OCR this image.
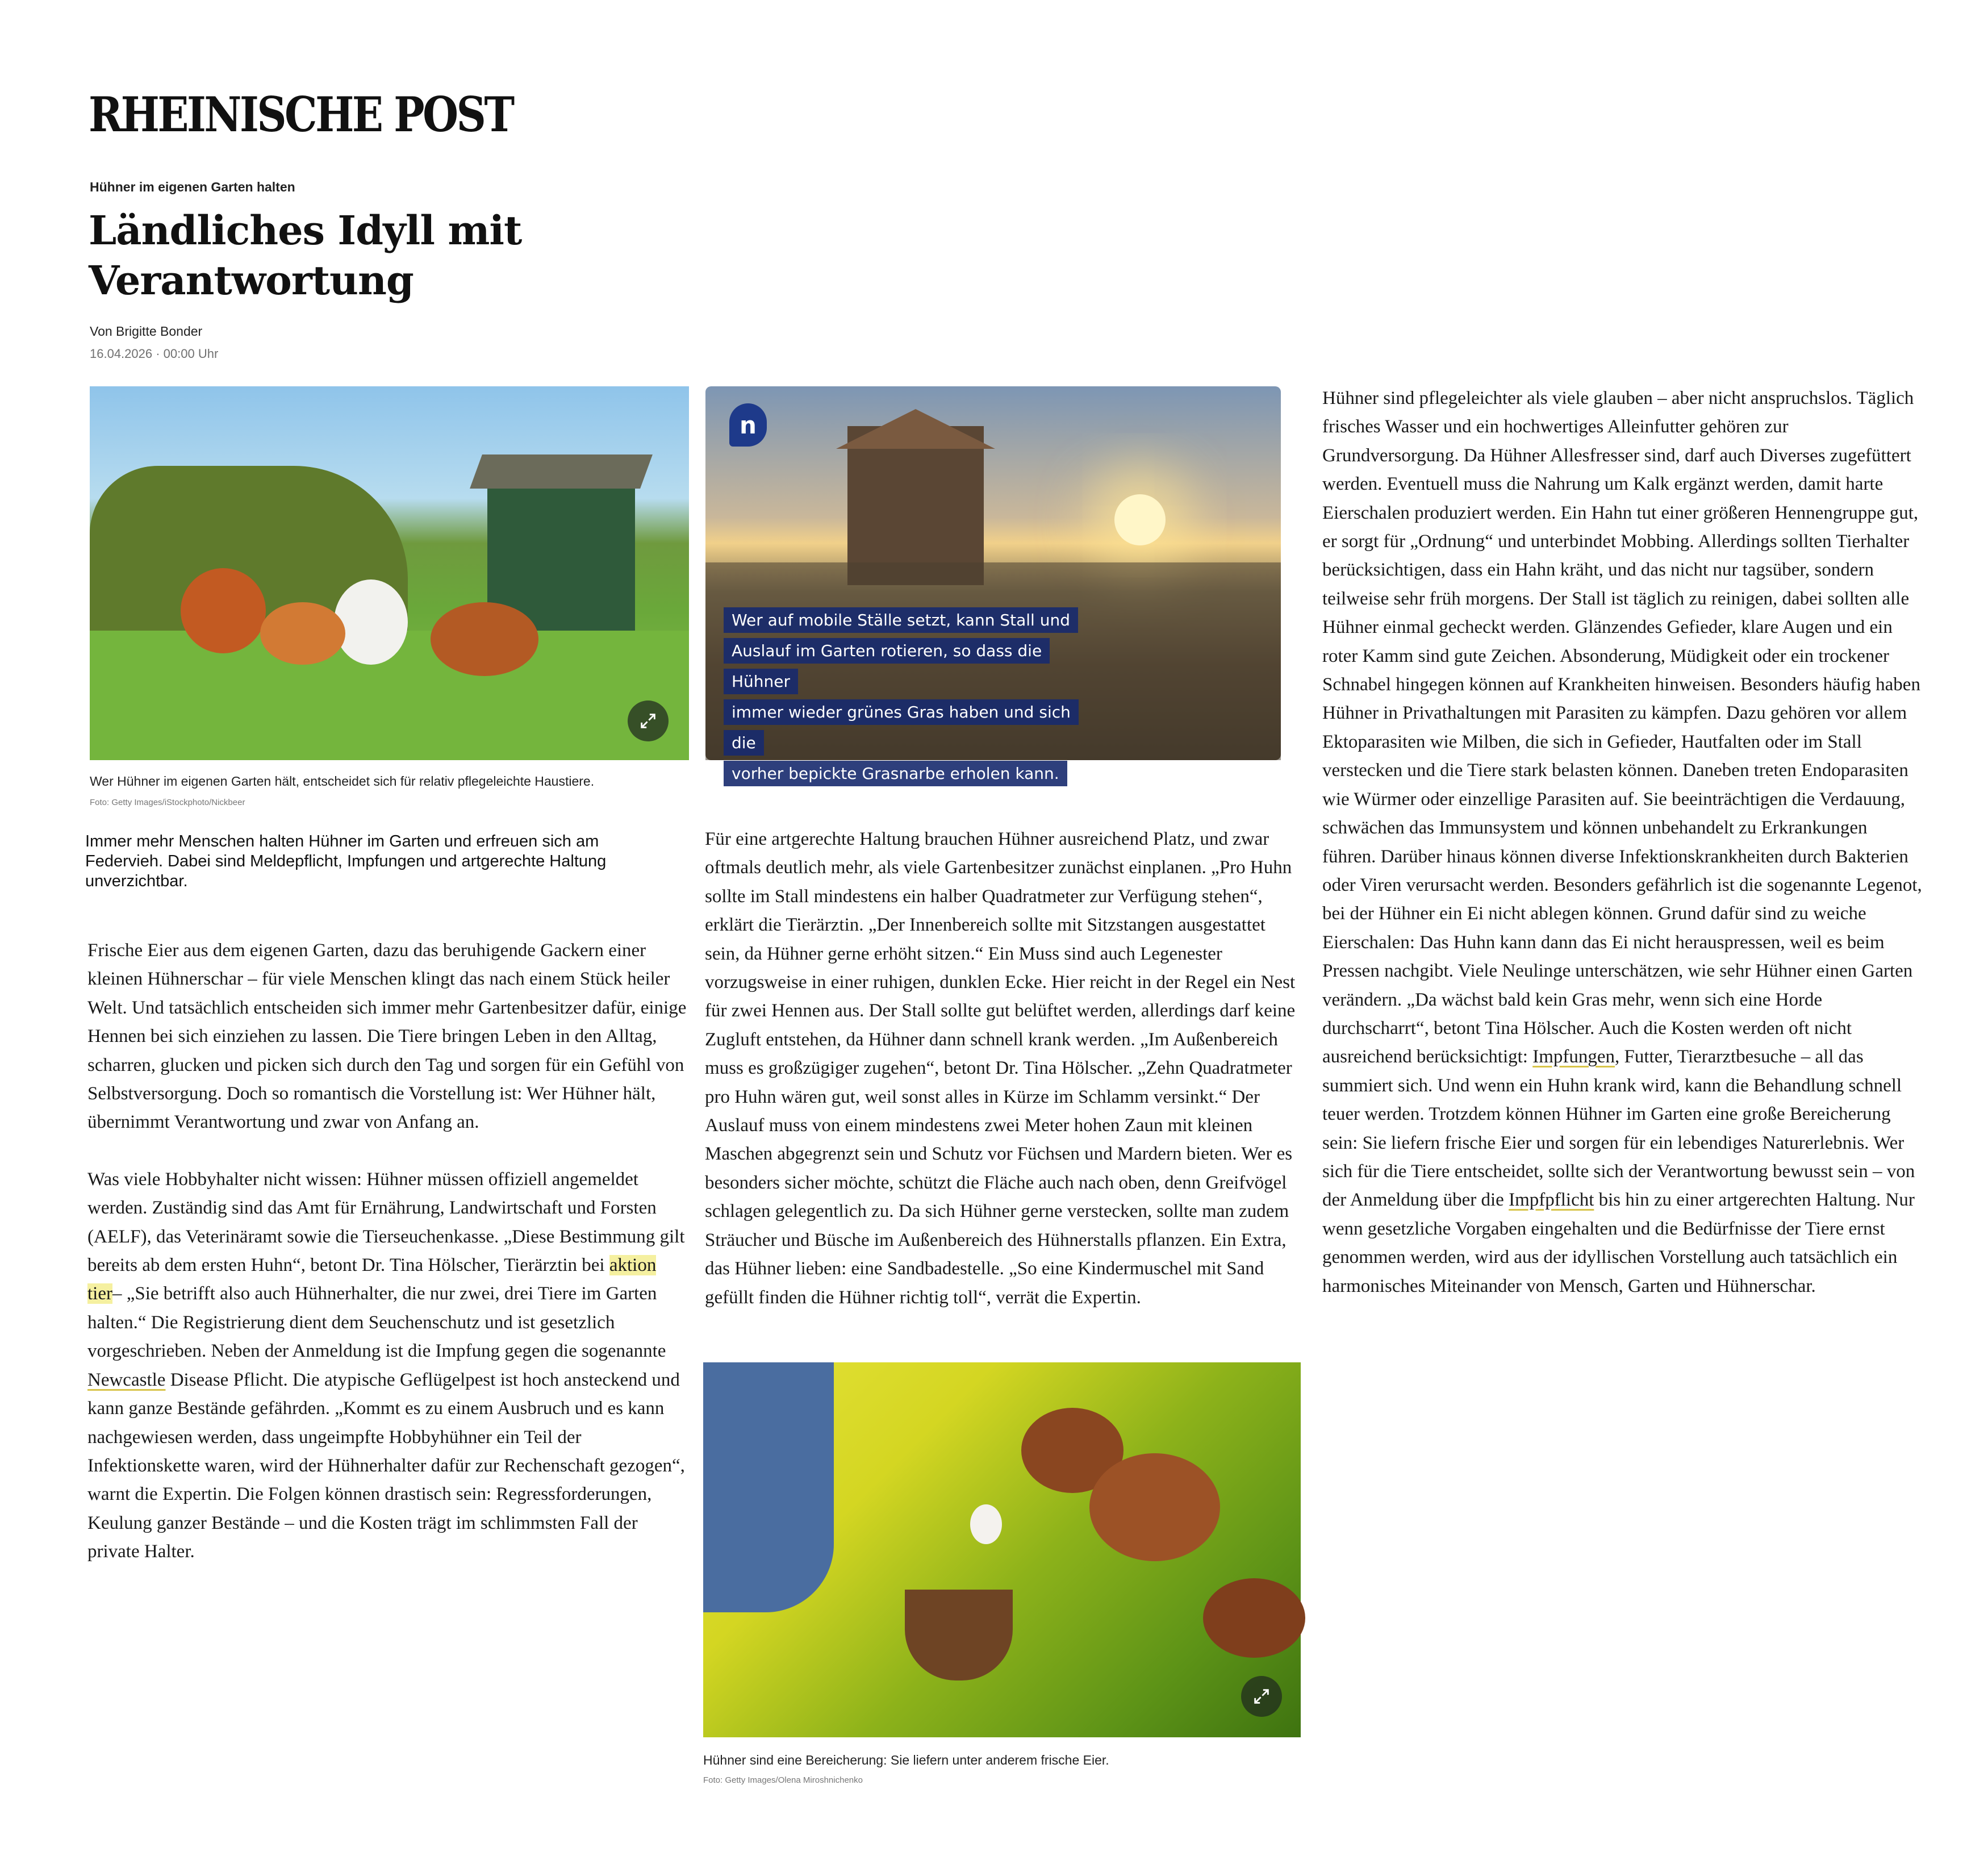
RHEINISCHE POST
Hühner im eigenen Garten halten
Ländliches Idyll mit
Verantwortung
Von Brigitte Bonder
16.04.2026 · 00:00 Uhr
Wer Hühner im eigenen Garten hält, entscheidet sich für relativ pflegeleichte Haustiere.
Foto: Getty Images/iStockphoto/Nickbeer
n
Wer auf mobile Ställe setzt, kann Stall und
Auslauf im Garten rotieren, so dass die Hühner
immer wieder grünes Gras haben und sich die
vorher bepickte Grasnarbe erholen kann.

Immer mehr Menschen halten Hühner im Garten und erfreuen sich am Federvieh. Dabei sind Meldepflicht, Impfungen und artgerechte Haltung unverzichtbar.

Frische Eier aus dem eigenen Garten, dazu das beruhigende Gackern einer kleinen Hühnerschar – für viele Menschen klingt das nach einem Stück heiler Welt. Und tatsächlich entscheiden sich immer mehr Gartenbesitzer dafür, einige Hennen bei sich einziehen zu lassen. Die Tiere bringen Leben in den Alltag, scharren, glucken und picken sich durch den Tag und sorgen für ein Gefühl von Selbstversorgung. Doch so romantisch die Vorstellung ist: Wer Hühner hält, übernimmt Verantwortung und zwar von Anfang an.

Was viele Hobbyhalter nicht wissen: Hühner müssen offiziell angemeldet werden. Zuständig sind das Amt für Ernährung, Landwirtschaft und Forsten (AELF), das Veterinäramt sowie die Tierseuchenkasse. „Diese Bestimmung gilt bereits ab dem ersten Huhn“, betont Dr. Tina Hölscher, Tierärztin bei aktion tier– „Sie betrifft also auch Hühnerhalter, die nur zwei, drei Tiere im Garten halten.“ Die Registrierung dient dem Seuchenschutz und ist gesetzlich vorgeschrieben. Neben der Anmeldung ist die Impfung gegen die sogenannte Newcastle Disease Pflicht. Die atypische Geflügelpest ist hoch ansteckend und kann ganze Bestände gefährden. „Kommt es zu einem Ausbruch und es kann nachgewiesen werden, dass ungeimpfte Hobbyhühner ein Teil der Infektionskette waren, wird der Hühnerhalter dafür zur Rechenschaft gezogen“, warnt die Expertin. Die Folgen können drastisch sein: Regressforderungen, Keulung ganzer Bestände – und die Kosten trägt im schlimmsten Fall der private Halter.

Für eine artgerechte Haltung brauchen Hühner ausreichend Platz, und zwar oftmals deutlich mehr, als viele Gartenbesitzer zunächst einplanen. „Pro Huhn sollte im Stall mindestens ein halber Quadratmeter zur Verfügung stehen“, erklärt die Tierärztin. „Der Innenbereich sollte mit Sitzstangen ausgestattet sein, da Hühner gerne erhöht sitzen.“ Ein Muss sind auch Legenester vorzugsweise in einer ruhigen, dunklen Ecke. Hier reicht in der Regel ein Nest für zwei Hennen aus. Der Stall sollte gut belüftet werden, allerdings darf keine Zugluft entstehen, da Hühner dann schnell krank werden. „Im Außenbereich muss es großzügiger zugehen“, betont Dr. Tina Hölscher. „Zehn Quadratmeter pro Huhn wären gut, weil sonst alles in Kürze im Schlamm versinkt.“ Der Auslauf muss von einem mindestens zwei Meter hohen Zaun mit kleinen Maschen abgegrenzt sein und Schutz vor Füchsen und Mardern bieten. Wer es besonders sicher möchte, schützt die Fläche auch nach oben, denn Greifvögel schlagen gelegentlich zu. Da sich Hühner gerne verstecken, sollte man zudem Sträucher und Büsche im Außenbereich des Hühnerstalls pflanzen. Ein Extra, das Hühner lieben: eine Sandbadestelle. „So eine Kindermuschel mit Sand gefüllt finden die Hühner richtig toll“, verrät die Expertin.

Hühner sind eine Bereicherung: Sie liefern unter anderem frische Eier.
Foto: Getty Images/Olena Miroshnichenko

Hühner sind pflegeleichter als viele glauben – aber nicht anspruchslos. Täglich frisches Wasser und ein hochwertiges Alleinfutter gehören zur Grundversorgung. Da Hühner Allesfresser sind, darf auch Diverses zugefüttert werden. Eventuell muss die Nahrung um Kalk ergänzt werden, damit harte Eierschalen produziert werden. Ein Hahn tut einer größeren Hennengruppe gut, er sorgt für „Ordnung“ und unterbindet Mobbing. Allerdings sollten Tierhalter berücksichtigen, dass ein Hahn kräht, und das nicht nur tagsüber, sondern teilweise sehr früh morgens. Der Stall ist täglich zu reinigen, dabei sollten alle Hühner einmal gecheckt werden. Glänzendes Gefieder, klare Augen und ein roter Kamm sind gute Zeichen. Absonderung, Müdigkeit oder ein trockener Schnabel hingegen können auf Krankheiten hinweisen. Besonders häufig haben Hühner in Privathaltungen mit Parasiten zu kämpfen. Dazu gehören vor allem Ektoparasiten wie Milben, die sich in Gefieder, Hautfalten oder im Stall verstecken und die Tiere stark belasten können. Daneben treten Endoparasiten wie Würmer oder einzellige Parasiten auf. Sie beeinträchtigen die Verdauung, schwächen das Immunsystem und können unbehandelt zu Erkrankungen führen. Darüber hinaus können diverse Infektionskrankheiten durch Bakterien oder Viren verursacht werden. Besonders gefährlich ist die sogenannte Legenot, bei der Hühner ein Ei nicht ablegen können. Grund dafür sind zu weiche Eierschalen: Das Huhn kann dann das Ei nicht herauspressen, weil es beim Pressen nachgibt. Viele Neulinge unterschätzen, wie sehr Hühner einen Garten verändern. „Da wächst bald kein Gras mehr, wenn sich eine Horde durchscharrt“, betont Tina Hölscher. Auch die Kosten werden oft nicht ausreichend berücksichtigt: Impfungen, Futter, Tierarztbesuche – all das summiert sich. Und wenn ein Huhn krank wird, kann die Behandlung schnell teuer werden. Trotzdem können Hühner im Garten eine große Bereicherung sein: Sie liefern frische Eier und sorgen für ein lebendiges Naturerlebnis. Wer sich für die Tiere entscheidet, sollte sich der Verantwortung bewusst sein – von der Anmeldung über die Impfpflicht bis hin zu einer artgerechten Haltung. Nur wenn gesetzliche Vorgaben eingehalten und die Bedürfnisse der Tiere ernst genommen werden, wird aus der idyllischen Vorstellung auch tatsächlich ein harmonisches Miteinander von Mensch, Garten und Hühnerschar.
